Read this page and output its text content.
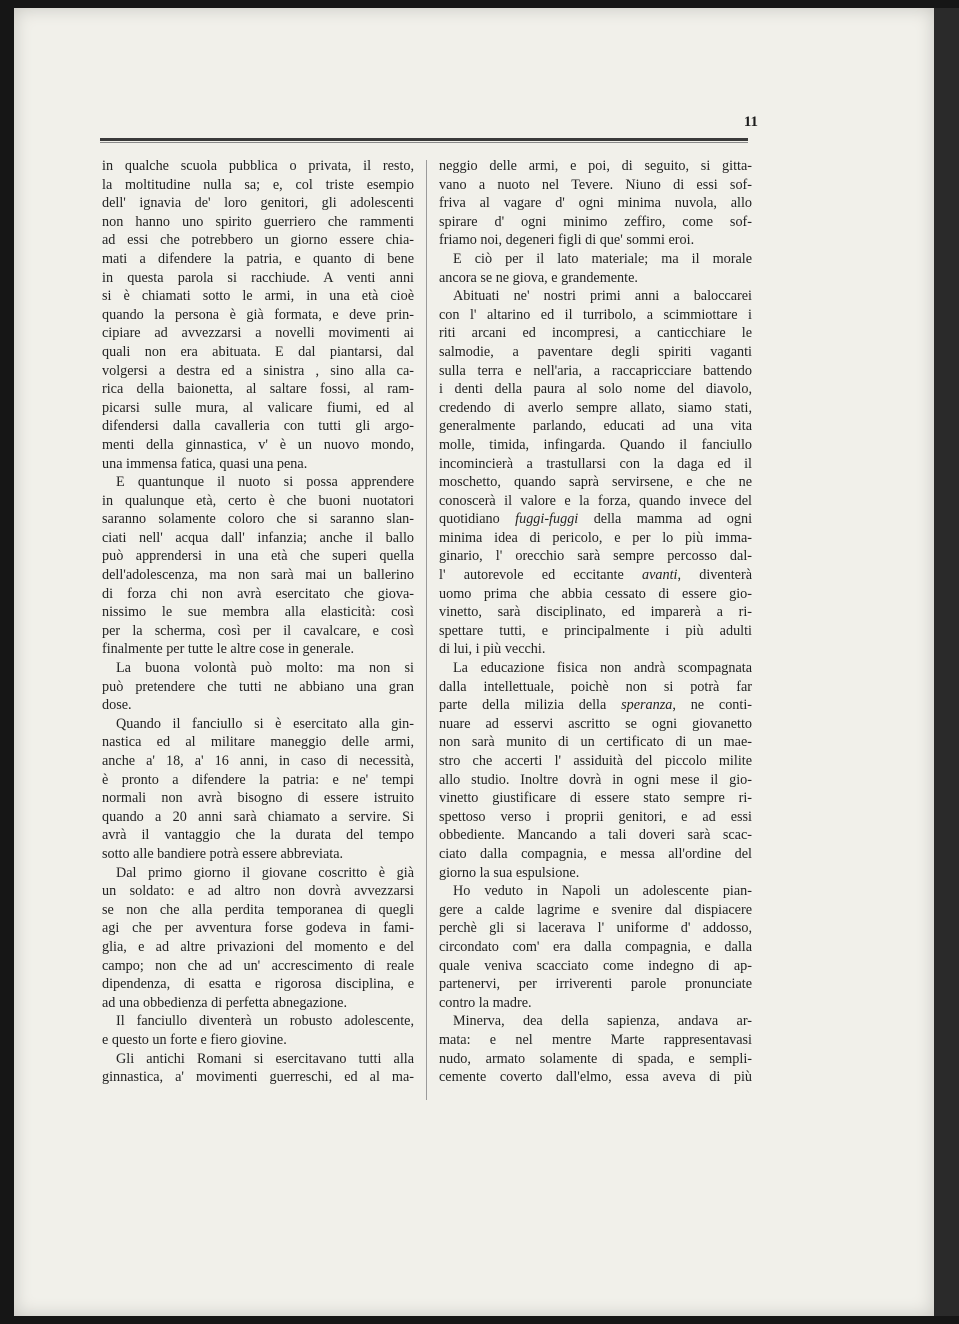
11
in qualche scuola pubblica o privata, il resto,
la moltitudine nulla sa; e, col triste esempio
dell' ignavia de' loro genitori, gli adolescenti
non hanno uno spirito guerriero che rammenti
ad essi che potrebbero un giorno essere chia-
mati a difendere la patria, e quanto di bene
in questa parola si racchiude. A venti anni
si è chiamati sotto le armi, in una età cioè
quando la persona è già formata, e deve prin-
cipiare ad avvezzarsi a novelli movimenti ai
quali non era abituata. E dal piantarsi, dal
volgersi a destra ed a sinistra , sino alla ca-
rica della baionetta, al saltare fossi, al ram-
picarsi sulle mura, al valicare fiumi, ed al
difendersi dalla cavalleria con tutti gli argo-
menti della ginnastica, v' è un nuovo mondo,
una immensa fatica, quasi una pena.
E quantunque il nuoto si possa apprendere
in qualunque età, certo è che buoni nuotatori
saranno solamente coloro che si saranno slan-
ciati nell' acqua dall' infanzia; anche il ballo
può apprendersi in una età che superi quella
dell'adolescenza, ma non sarà mai un ballerino
di forza chi non avrà esercitato che giova-
nissimo le sue membra alla elasticità: così
per la scherma, così per il cavalcare, e così
finalmente per tutte le altre cose in generale.
La buona volontà può molto: ma non si
può pretendere che tutti ne abbiano una gran
dose.
Quando il fanciullo si è esercitato alla gin-
nastica ed al militare maneggio delle armi,
anche a' 18, a' 16 anni, in caso di necessità,
è pronto a difendere la patria: e ne' tempi
normali non avrà bisogno di essere istruito
quando a 20 anni sarà chiamato a servire. Si
avrà il vantaggio che la durata del tempo
sotto alle bandiere potrà essere abbreviata.
Dal primo giorno il giovane coscritto è già
un soldato: e ad altro non dovrà avvezzarsi
se non che alla perdita temporanea di quegli
agi che per avventura forse godeva in fami-
glia, e ad altre privazioni del momento e del
campo; non che ad un' accrescimento di reale
dipendenza, di esatta e rigorosa disciplina, e
ad una obbedienza di perfetta abnegazione.
Il fanciullo diventerà un robusto adolescente,
e questo un forte e fiero giovine.
Gli antichi Romani si esercitavano tutti alla
ginnastica, a' movimenti guerreschi, ed al ma-
neggio delle armi, e poi, di seguito, si gitta-
vano a nuoto nel Tevere. Niuno di essi sof-
friva al vagare d' ogni minima nuvola, allo
spirare d' ogni minimo zeffiro, come sof-
friamo noi, degeneri figli di que' sommi eroi.
E ciò per il lato materiale; ma il morale
ancora se ne giova, e grandemente.
Abituati ne' nostri primi anni a baloccarei
con l' altarino ed il turribolo, a scimmiottare i
riti arcani ed incompresi, a canticchiare le
salmodie, a paventare degli spiriti vaganti
sulla terra e nell'aria, a raccapricciare battendo
i denti della paura al solo nome del diavolo,
credendo di averlo sempre allato, siamo stati,
generalmente parlando, educati ad una vita
molle, timida, infingarda. Quando il fanciullo
incomincierà a trastullarsi con la daga ed il
moschetto, quando saprà servirsene, e che ne
conoscerà il valore e la forza, quando invece del
quotidiano fuggi-fuggi della mamma ad ogni
minima idea di pericolo, e per lo più imma-
ginario, l' orecchio sarà sempre percosso dal-
l' autorevole ed eccitante avanti, diventerà
uomo prima che abbia cessato di essere gio-
vinetto, sarà disciplinato, ed imparerà a ri-
spettare tutti, e principalmente i più adulti
di lui, i più vecchi.
La educazione fisica non andrà scompagnata
dalla intellettuale, poichè non si potrà far
parte della milizia della speranza, ne conti-
nuare ad esservi ascritto se ogni giovanetto
non sarà munito di un certificato di un mae-
stro che accerti l' assiduità del piccolo milite
allo studio. Inoltre dovrà in ogni mese il gio-
vinetto giustificare di essere stato sempre ri-
spettoso verso i proprii genitori, e ad essi
obbediente. Mancando a tali doveri sarà scac-
ciato dalla compagnia, e messa all'ordine del
giorno la sua espulsione.
Ho veduto in Napoli un adolescente pian-
gere a calde lagrime e svenire dal dispiacere
perchè gli si lacerava l' uniforme d' addosso,
circondato com' era dalla compagnia, e dalla
quale veniva scacciato come indegno di ap-
partenervi, per irriverenti parole pronunciate
contro la madre.
Minerva, dea della sapienza, andava ar-
mata: e nel mentre Marte rappresentavasi
nudo, armato solamente di spada, e sempli-
cemente coverto dall'elmo, essa aveva di più
